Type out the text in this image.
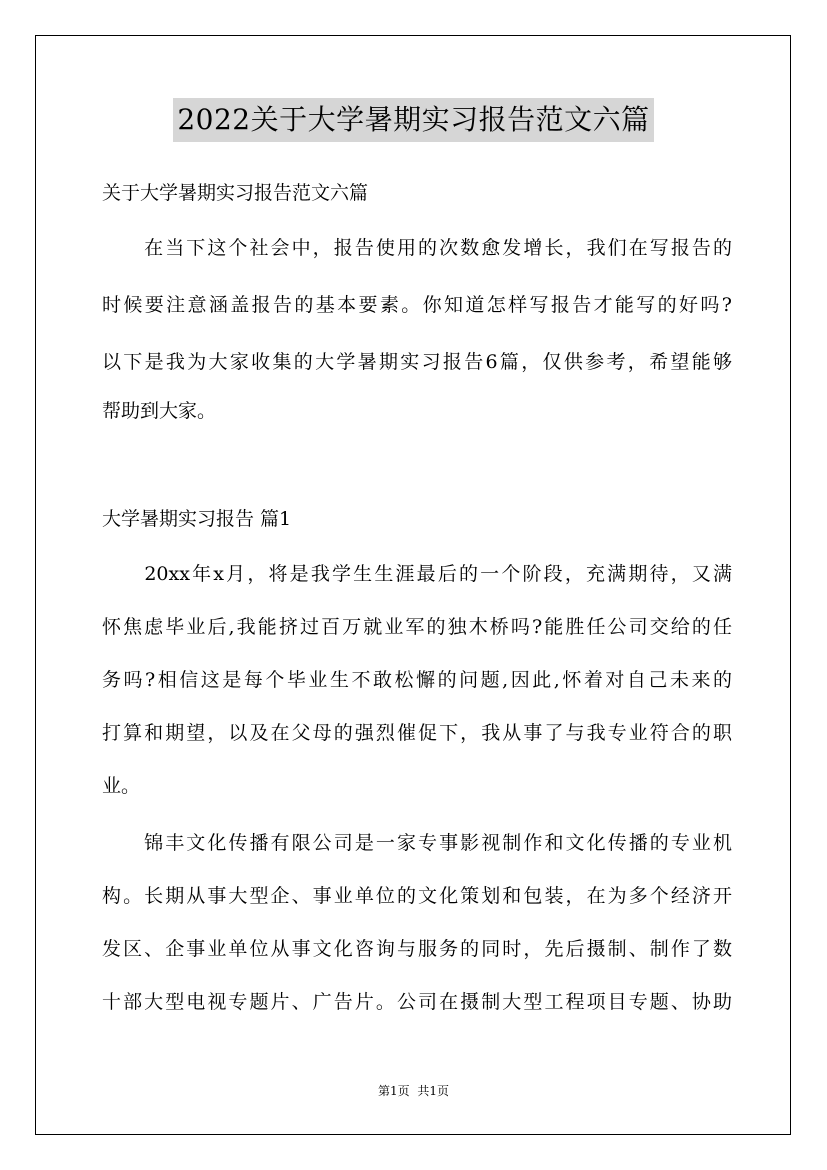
2022关于大学暑期实习报告范文六篇
关于大学暑期实习报告范文六篇
　　在当下这个社会中，报告使用的次数愈发增长，我们在写报告的
时候要注意涵盖报告的基本要素。你知道怎样写报告才能写的好吗?
以下是我为大家收集的大学暑期实习报告6篇，仅供参考，希望能够
帮助到大家。
大学暑期实习报告 篇1
　　20xx年x月，将是我学生生涯最后的一个阶段，充满期待，又满
怀焦虑毕业后,我能挤过百万就业军的独木桥吗?能胜任公司交给的任
务吗?相信这是每个毕业生不敢松懈的问题,因此,怀着对自己未来的
打算和期望，以及在父母的强烈催促下，我从事了与我专业符合的职
业。
　　锦丰文化传播有限公司是一家专事影视制作和文化传播的专业机
构。长期从事大型企、事业单位的文化策划和包装，在为多个经济开
发区、企事业单位从事文化咨询与服务的同时，先后摄制、制作了数
十部大型电视专题片、广告片。公司在摄制大型工程项目专题、协助
第1页 共1页
